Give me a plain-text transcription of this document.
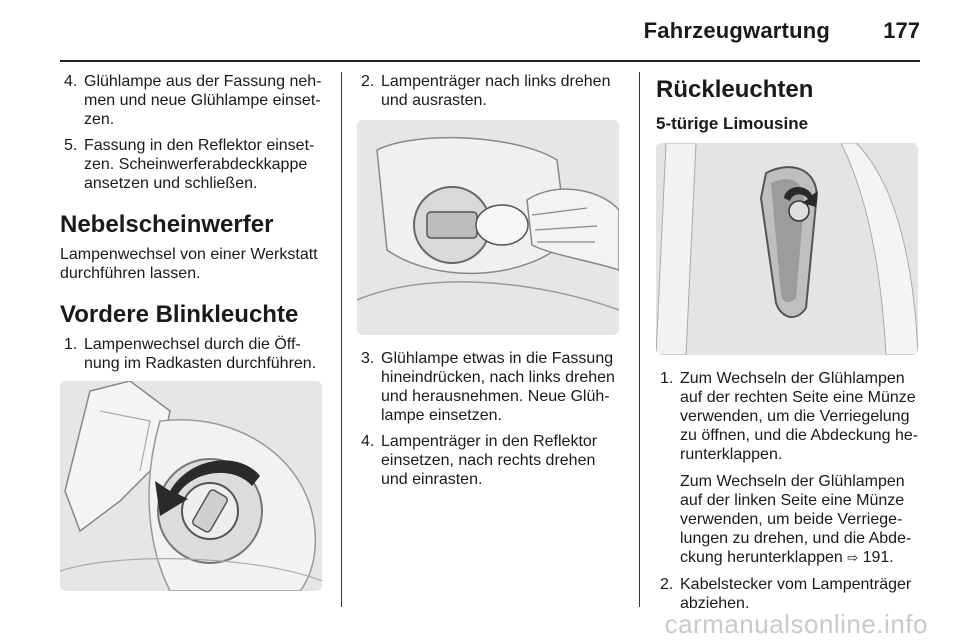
Fahrzeugwartung 177
4. Glühlampe aus der Fassung nehmen und neue Glühlampe einsetzen.
5. Fassung in den Reflektor einsetzen. Scheinwerferabdeckkappe ansetzen und schließen.
Nebelscheinwerfer

Lampenwechsel von einer Werkstatt durchführen lassen.

Vordere Blinkleuchte
1. Lampenwechsel durch die Öffnung im Radkasten durchführen.
2. Lampenträger nach links drehen und ausrasten.
3. Glühlampe etwas in die Fassung hineindrücken, nach links drehen und herausnehmen. Neue Glühlampe einsetzen.
4. Lampenträger in den Reflektor einsetzen, nach rechts drehen und einrasten.
Rückleuchten
5-türige Limousine
1. Zum Wechseln der Glühlampen auf der rechten Seite eine Münze verwenden, um die Verriegelung zu öffnen, und die Abdeckung herunterklappen.
Zum Wechseln der Glühlampen auf der linken Seite eine Münze verwenden, um beide Verriegelungen zu drehen, und die Abdeckung herunterklappen ⇨ 191.
2. Kabelstecker vom Lampenträger abziehen.
carmanualsonline.info
